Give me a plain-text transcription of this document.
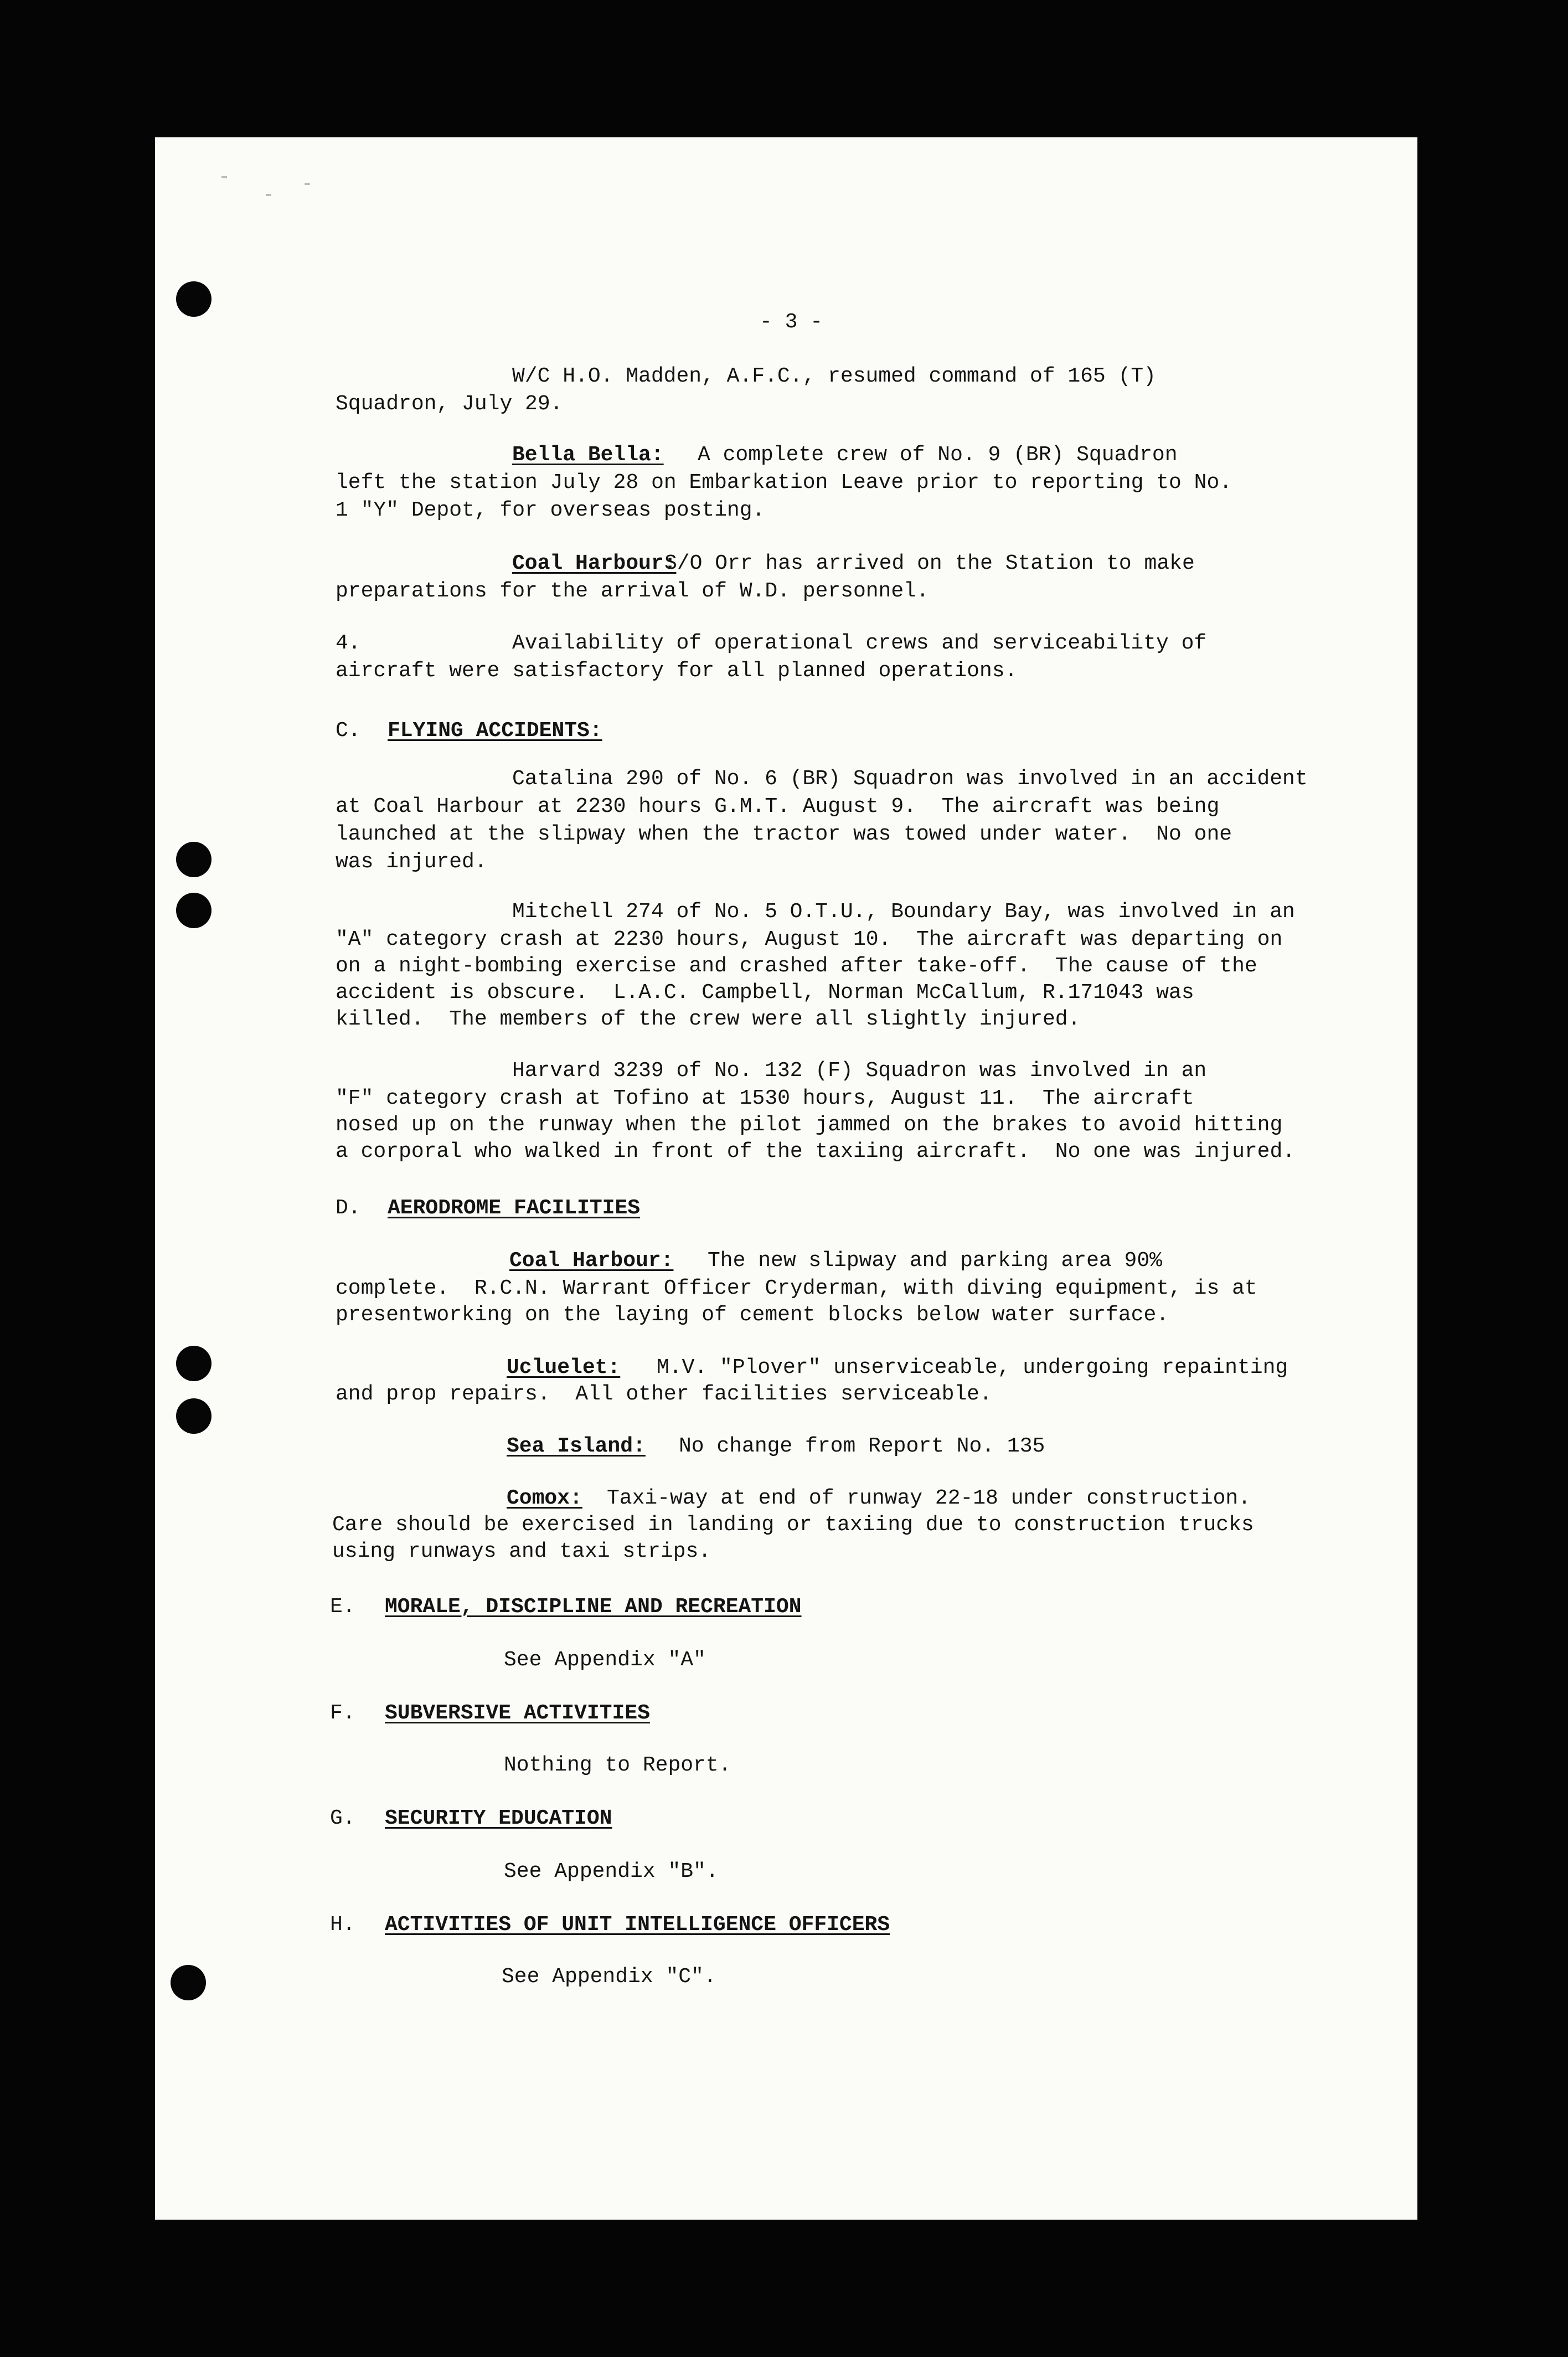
- 3 -
W/C H.O. Madden, A.F.C., resumed command of 165 (T)
Squadron, July 29.
Bella Bella: A complete crew of No. 9 (BR) Squadron
left the station July 28 on Embarkation Leave prior to reporting to No.
1 "Y" Depot, for overseas posting.
Coal Harbour:
S/O Orr has arrived on the Station to make
preparations for the arrival of W.D. personnel.
4.	Availability of operational crews and serviceability of
aircraft were satisfactory for all planned operations.
C. FLYING ACCIDENTS:
Catalina 290 of No. 6 (BR) Squadron was involved in an accident
at Coal Harbour at 2230 hours G.M.T. August 9.  The aircraft was being
launched at the slipway when the tractor was towed under water.  No one
was injured.
Mitchell 274 of No. 5 O.T.U., Boundary Bay, was involved in an
"A" category crash at 2230 hours, August 10.  The aircraft was departing on
on a night-bombing exercise and crashed after take-off.  The cause of the
accident is obscure.  L.A.C. Campbell, Norman McCallum, R.171043 was
killed.  The members of the crew were all slightly injured.
Harvard 3239 of No. 132 (F) Squadron was involved in an
"F" category crash at Tofino at 1530 hours, August 11.  The aircraft
nosed up on the runway when the pilot jammed on the brakes to avoid hitting
a corporal who walked in front of the taxiing aircraft.  No one was injured.
D. AERODROME FACILITIES
Coal Harbour: The new slipway and parking area 90%
complete.  R.C.N. Warrant Officer Cryderman, with diving equipment, is at
presentworking on the laying of cement blocks below water surface.
Ucluelet: M.V. "Plover" unserviceable, undergoing repainting
and prop repairs.  All other facilities serviceable.
Sea Island: No change from Report No. 135
Comox: Taxi-way at end of runway 22-18 under construction.
Care should be exercised in landing or taxiing due to construction trucks
using runways and taxi strips.
E. MORALE, DISCIPLINE AND RECREATION
See Appendix "A"
F. SUBVERSIVE ACTIVITIES
Nothing to Report.
G. SECURITY EDUCATION
See Appendix "B".
H. ACTIVITIES OF UNIT INTELLIGENCE OFFICERS
See Appendix "C".
